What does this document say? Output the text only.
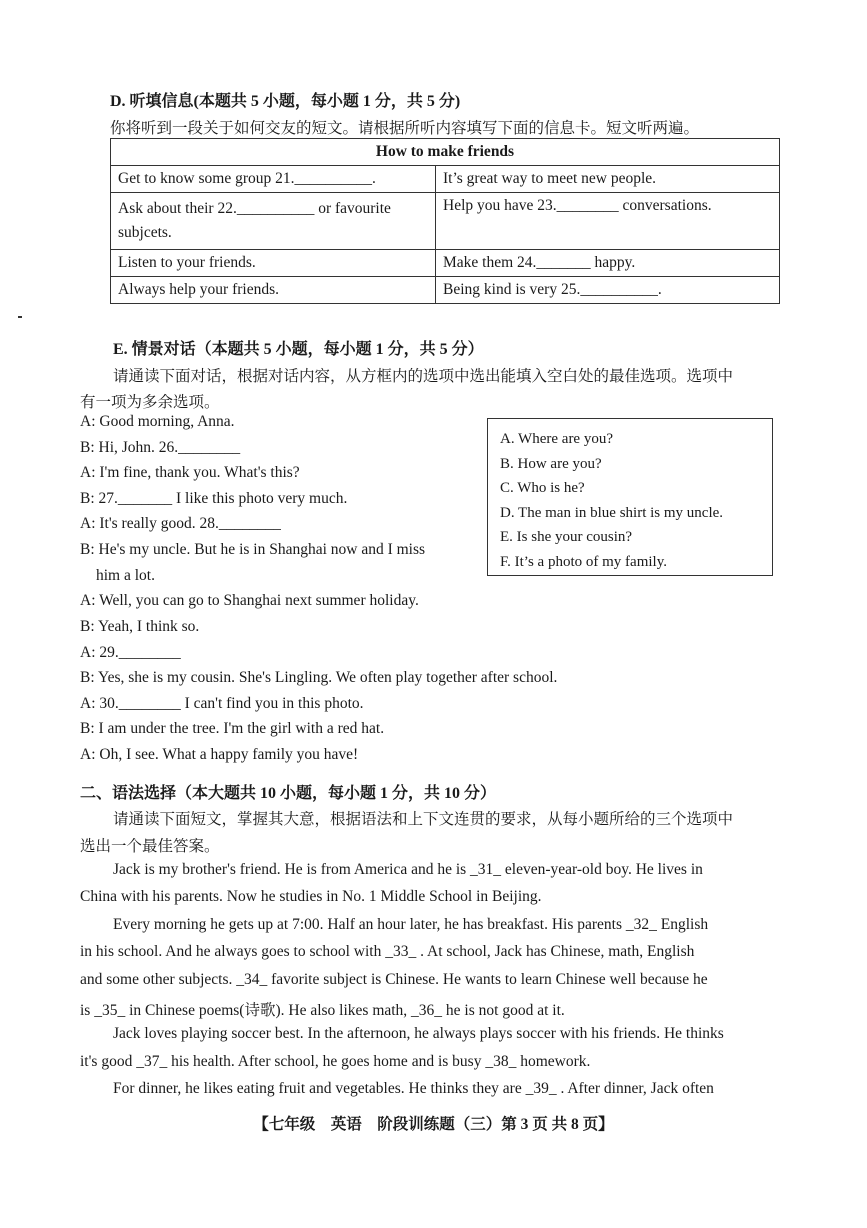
D. 听填信息(本题共 5 小题，每小题 1 分，共 5 分)
你将听到一段关于如何交友的短文。请根据所听内容填写下面的信息卡。短文听两遍。
How to make friends	
Get to know some group 21.__________.	It’s great way to meet new people.
Ask about their 22.__________ or favourite subjcets.	Help you have 23.________ conversations.
Listen to your friends.	Make them 24._______ happy.
Always help your friends.	Being kind is very 25.__________.
E. 情景对话（本题共 5 小题，每小题 1 分，共 5 分）
请通读下面对话，根据对话内容，从方框内的选项中选出能填入空白处的最佳选项。选项中
有一项为多余选项。
A: Good morning, Anna.
B: Hi, John. 26.________
A: I'm fine, thank you. What's this?
B: 27._______ I like this photo very much.
A: It's really good. 28.________
B: He's my uncle. But he is in Shanghai now and I miss
him a lot.
A: Well, you can go to Shanghai next summer holiday.
B: Yeah, I think so.
A: 29.________
B: Yes, she is my cousin. She's Lingling. We often play together after school.
A: 30.________ I can't find you in this photo.
B: I am under the tree. I'm the girl with a red hat.
A: Oh, I see. What a happy family you have!
A. Where are you?
B. How are you?
C. Who is he?
D. The man in blue shirt is my uncle.
E. Is she your cousin?
F. It’s a photo of my family.
二、语法选择（本大题共 10 小题，每小题 1 分，共 10 分）
请通读下面短文，掌握其大意，根据语法和上下文连贯的要求，从每小题所给的三个选项中
选出一个最佳答案。
Jack is my brother's friend. He is from America and he is _31_ eleven-year-old boy. He lives in
China with his parents. Now he studies in No. 1 Middle School in Beijing.
Every morning he gets up at 7:00. Half an hour later, he has breakfast. His parents _32_ English
in his school. And he always goes to school with _33_ . At school, Jack has Chinese, math, English
and some other subjects. _34_ favorite subject is Chinese. He wants to learn Chinese well because he
is _35_ in Chinese poems(诗歌). He also likes math, _36_ he is not good at it.
Jack loves playing soccer best. In the afternoon, he always plays soccer with his friends. He thinks
it's good _37_ his health. After school, he goes home and is busy _38_ homework.
For dinner, he likes eating fruit and vegetables. He thinks they are _39_ . After dinner, Jack often
【七年级　英语　阶段训练题（三）第 3 页 共 8 页】
